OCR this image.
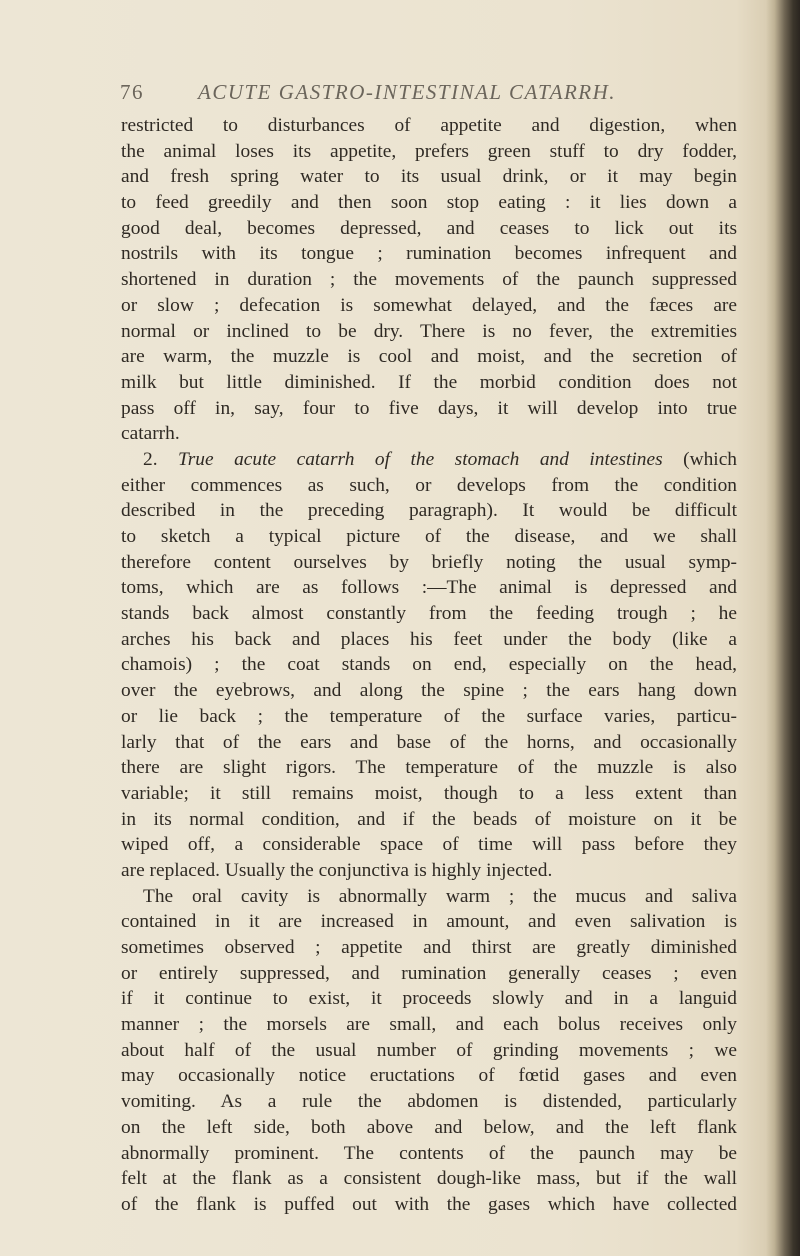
76	ACUTE GASTRO-INTESTINAL CATARRH.
restricted to disturbances of appetite and digestion, when
the animal loses its appetite, prefers green stuff to dry fodder,
and fresh spring water to its usual drink, or it may begin
to feed greedily and then soon stop eating : it lies down a
good deal, becomes depressed, and ceases to lick out its
nostrils with its tongue ; rumination becomes infrequent and
shortened in duration ; the movements of the paunch suppressed
or slow ; defecation is somewhat delayed, and the fæces are
normal or inclined to be dry. There is no fever, the extremities
are warm, the muzzle is cool and moist, and the secretion of
milk but little diminished. If the morbid condition does not
pass off in, say, four to five days, it will develop into true
catarrh.
2. True acute catarrh of the stomach and intestines (which
either commences as such, or develops from the condition
described in the preceding paragraph). It would be difficult
to sketch a typical picture of the disease, and we shall
therefore content ourselves by briefly noting the usual symp-
toms, which are as follows :—The animal is depressed and
stands back almost constantly from the feeding trough ; he
arches his back and places his feet under the body (like a
chamois) ; the coat stands on end, especially on the head,
over the eyebrows, and along the spine ; the ears hang down
or lie back ; the temperature of the surface varies, particu-
larly that of the ears and base of the horns, and occasionally
there are slight rigors. The temperature of the muzzle is also
variable; it still remains moist, though to a less extent than
in its normal condition, and if the beads of moisture on it be
wiped off, a considerable space of time will pass before they
are replaced. Usually the conjunctiva is highly injected.
The oral cavity is abnormally warm ; the mucus and saliva
contained in it are increased in amount, and even salivation is
sometimes observed ; appetite and thirst are greatly diminished
or entirely suppressed, and rumination generally ceases ; even
if it continue to exist, it proceeds slowly and in a languid
manner ; the morsels are small, and each bolus receives only
about half of the usual number of grinding movements ; we
may occasionally notice eructations of fœtid gases and even
vomiting. As a rule the abdomen is distended, particularly
on the left side, both above and below, and the left flank
abnormally prominent. The contents of the paunch may be
felt at the flank as a consistent dough-like mass, but if the wall
of the flank is puffed out with the gases which have collected
